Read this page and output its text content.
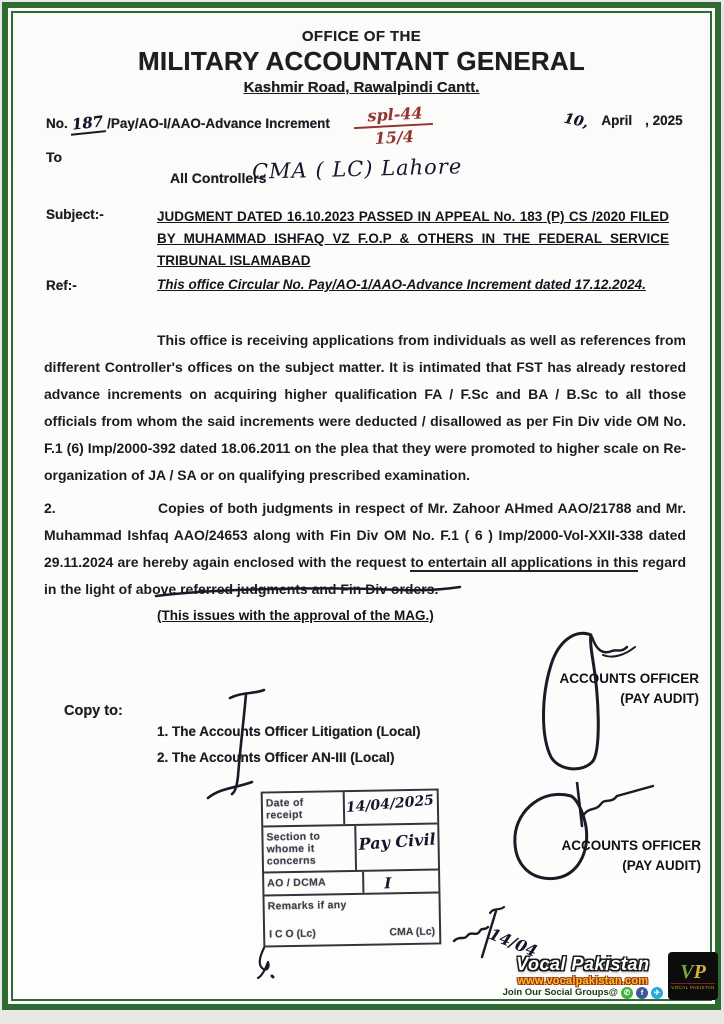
OFFICE OF THE
MILITARY ACCOUNTANT GENERAL
Kashmir Road, Rawalpindi Cantt.
No. 187 /Pay/AO-I/AAO-Advance Increment	spl-44
15/4
10, April , 2025
To
All Controllers
CMA ( LC) Lahore
Subject:-	JUDGMENT DATED 16.10.2023 PASSED IN APPEAL No. 183 (P) CS /2020 FILED BY MUHAMMAD ISHFAQ VZ F.O.P & OTHERS IN THE FEDERAL SERVICE TRIBUNAL ISLAMABAD
Ref:-	This office Circular No. Pay/AO-1/AAO-Advance Increment dated 17.12.2024.

This office is receiving applications from individuals as well as references from different Controller's offices on the subject matter. It is intimated that FST has already restored advance increments on acquiring higher qualification FA / F.Sc and BA / B.Sc to all those officials from whom the said increments were deducted / disallowed as per Fin Div vide OM No. F.1 (6) Imp/2000-392 dated 18.06.2011 on the plea that they were promoted to higher scale on Re-organization of JA / SA or on qualifying prescribed examination.

2.	Copies of both judgments in respect of Mr. Zahoor AHmed AAO/21788 and Mr. Muhammad Ishfaq AAO/24653 along with Fin Div OM No. F.1 ( 6 ) Imp/2000-Vol-XXII-338 dated 29.11.2024 are hereby again enclosed with the request to entertain all applications in this regard in the light of above referred judgments and Fin Div orders.

(This issues with the approval of the MAG.)
ACCOUNTS OFFICER
(PAY AUDIT)
Copy to:
1. The Accounts Officer Litigation (Local)
2. The Accounts Officer AN-III (Local)
Date of receipt	14/04/2025
Section to whome it concerns
Pay Civil
AO / DCMA	I
Remarks if any
I C O (Lc)	CMA (Lc)
ACCOUNTS OFFICER
(PAY AUDIT)
14/04
Vocal Pakistan
www.vocalpakistan.com
Join Our Social Groups@ ✆	f	✈
VP
VOCAL PAKISTAN
